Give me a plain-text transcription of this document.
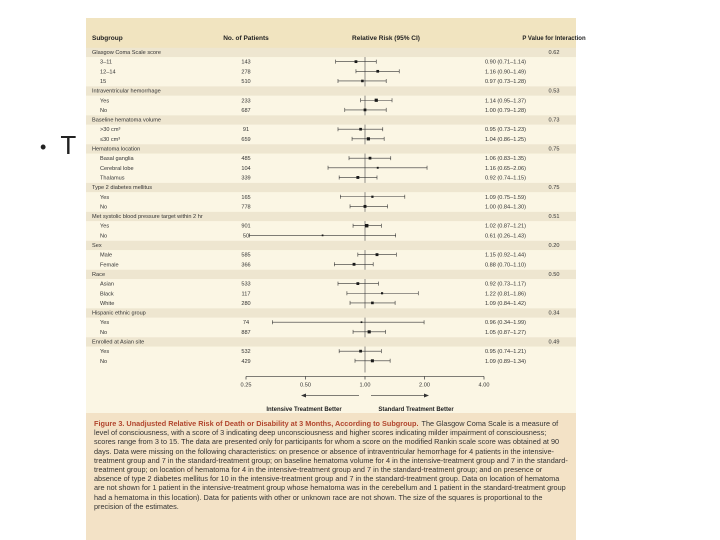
• T
Subgroup	No. of Patients	Relative Risk (95% CI)	P Value for Interaction
Glasgow Coma Scale score	0.62
3–11	143	0.90 (0.71–1.14)
12–14	278	1.16 (0.90–1.49)
15	510	0.97 (0.73–1.28)
Intraventricular hemorrhage	0.53
Yes	233	1.14 (0.95–1.37)
No	687	1.00 (0.79–1.28)
Baseline hematoma volume	0.73
>30 cm³	91	0.95 (0.73–1.23)
≤30 cm³	659	1.04 (0.86–1.25)
Hematoma location	0.75
Basal ganglia	485	1.06 (0.83–1.35)
Cerebral lobe	104	1.16 (0.65–2.06)
Thalamus	339	0.92 (0.74–1.15)
Type 2 diabetes mellitus	0.75
Yes	165	1.09 (0.75–1.59)
No	778	1.00 (0.84–1.30)
Met systolic blood pressure target within 2 hr	0.51
Yes	901	1.02 (0.87–1.21)
No	50	0.61 (0.26–1.43)
Sex	0.20
Male	585	1.15 (0.92–1.44)
Female	366	0.88 (0.70–1.10)
Race	0.50
Asian	533	0.92 (0.73–1.17)
Black	117	1.22 (0.81–1.86)
White	280	1.09 (0.84–1.42)
Hispanic ethnic group	0.34
Yes	74	0.96 (0.34–1.99)
No	887	1.05 (0.87–1.27)
Enrolled at Asian site	0.49
Yes	532	0.95 (0.74–1.21)
No	429	1.09 (0.89–1.34)
0.25	0.50	1.00	2.00	4.00
Intensive Treatment Better	Standard Treatment Better
Figure 3. Unadjusted Relative Risk of Death or Disability at 3 Months, According to Subgroup. The Glasgow Coma Scale is a measure of level of consciousness, with a score of 3 indicating deep unconsciousness and higher scores indicating milder impairment of consciousness; scores range from 3 to 15. The data are presented only for participants for whom a score on the modified Rankin scale score was obtained at 90 days. Data were missing on the following characteristics: on presence or absence of intraventricular hemorrhage for 4 patients in the intensive-treatment group and 7 in the standard-treatment group; on baseline hematoma volume for 4 in the intensive-treatment group and 7 in the standard-treatment group; on location of hematoma for 4 in the intensive-treatment group and 7 in the standard-treatment group; and on presence or absence of type 2 diabetes mellitus for 10 in the intensive-treatment group and 7 in the standard-treatment group. Data on location of hematoma are not shown for 1 patient in the intensive-treatment group whose hematoma was in the cerebellum and 1 patient in the standard-treatment group had a hematoma in this location). Data for patients with other or unknown race are not shown. The size of the squares is proportional to the precision of the estimates.
